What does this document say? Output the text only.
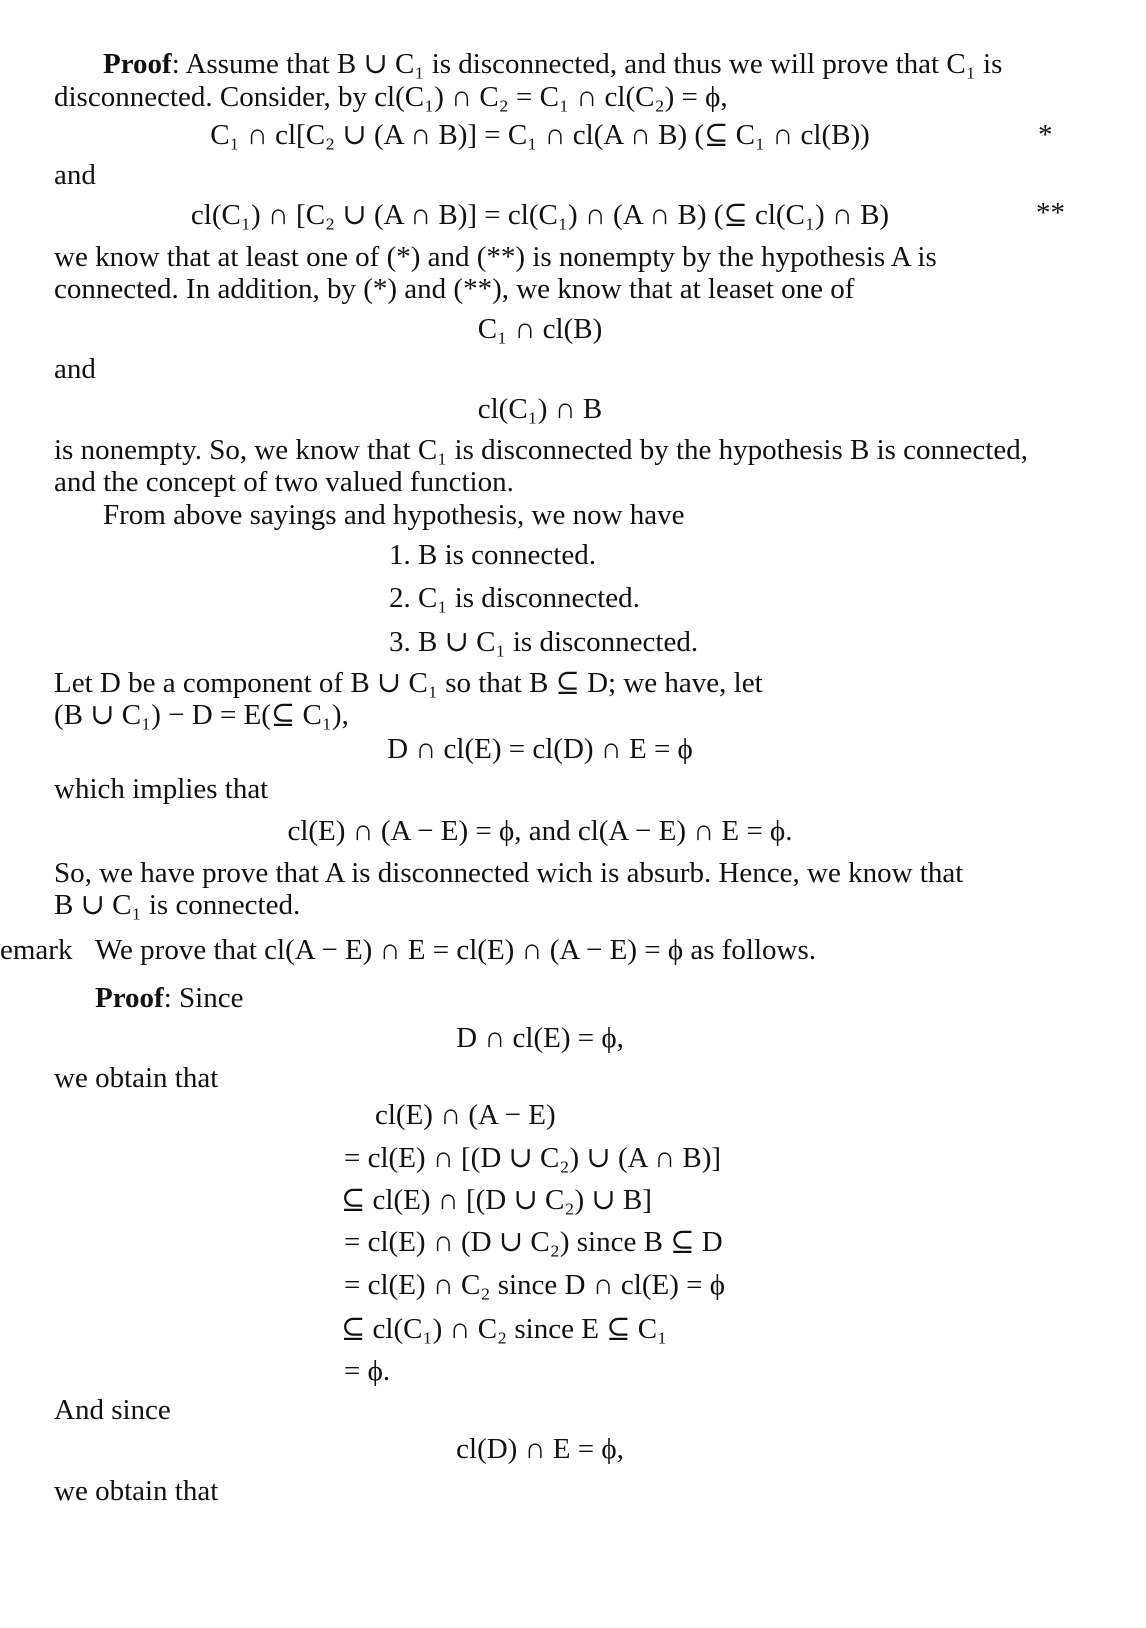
Proof: Assume that B ∪ C₁ is disconnected, and thus we will prove that C₁ is
disconnected. Consider, by cl(C₁) ∩ C₂ = C₁ ∩ cl(C₂) = ϕ,
C₁ ∩ cl[C₂ ∪ (A ∩ B)] = C₁ ∩ cl(A ∩ B) (⊆ C₁ ∩ cl(B))	*
and
cl(C₁) ∩ [C₂ ∪ (A ∩ B)] = cl(C₁) ∩ (A ∩ B) (⊆ cl(C₁) ∩ B)	**
we know that at least one of (*) and (**) is nonempty by the hypothesis A is
connected. In addition, by (*) and (**), we know that at leaset one of
C₁ ∩ cl(B)
and
cl(C₁) ∩ B
is nonempty. So, we know that C₁ is disconnected by the hypothesis B is connected,
and the concept of two valued function.
From above sayings and hypothesis, we now have
1. B is connected.
2. C₁ is disconnected.
3. B ∪ C₁ is disconnected.
Let D be a component of B ∪ C₁ so that B ⊆ D; we have, let
(B ∪ C₁) − D = E(⊆ C₁),
D ∩ cl(E) = cl(D) ∩ E = ϕ
which implies that
cl(E) ∩ (A − E) = ϕ, and cl(A − E) ∩ E = ϕ.
So, we have prove that A is disconnected wich is absurb. Hence, we know that
B ∪ C₁ is connected.
emark We prove that cl(A − E) ∩ E = cl(E) ∩ (A − E) = ϕ as follows.
Proof: Since
D ∩ cl(E) = ϕ,
we obtain that
cl(E) ∩ (A − E)
= cl(E) ∩ [(D ∪ C₂) ∪ (A ∩ B)]
⊆ cl(E) ∩ [(D ∪ C₂) ∪ B]
= cl(E) ∩ (D ∪ C₂) since B ⊆ D
= cl(E) ∩ C₂ since D ∩ cl(E) = ϕ
⊆ cl(C₁) ∩ C₂ since E ⊆ C₁
= ϕ.
And since
cl(D) ∩ E = ϕ,
we obtain that
